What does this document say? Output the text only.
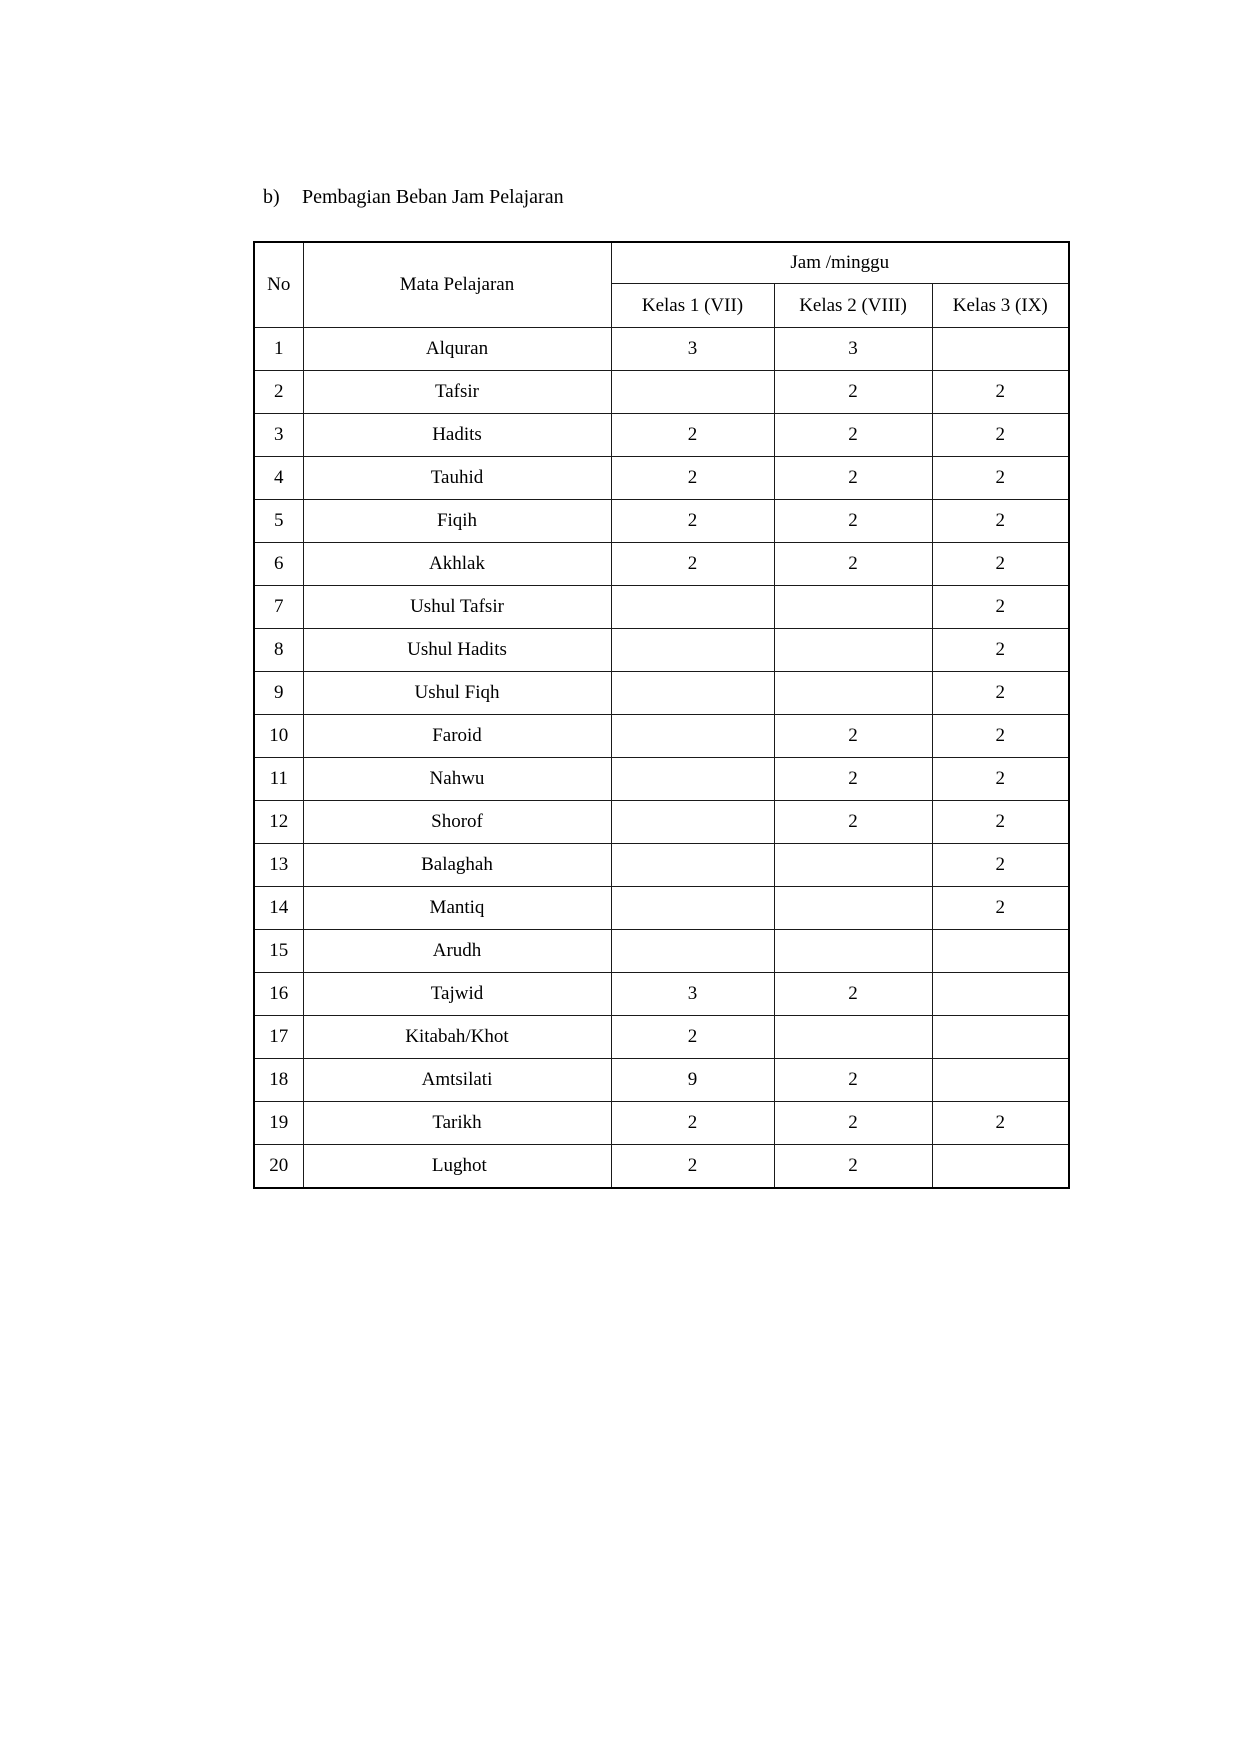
b) Pembagian Beban Jam Pelajaran
No	Mata Pelajaran	Jam /minggu		
		Kelas 1 (VII)	Kelas 2 (VIII)	Kelas 3 (IX)
1	Alquran	3	3	
2	Tafsir		2	2
3	Hadits	2	2	2
4	Tauhid	2	2	2
5	Fiqih	2	2	2
6	Akhlak	2	2	2
7	Ushul Tafsir			2
8	Ushul Hadits			2
9	Ushul Fiqh			2
10	Faroid		2	2
11	Nahwu		2	2
12	Shorof		2	2
13	Balaghah			2
14	Mantiq			2
15	Arudh			
16	Tajwid	3	2	
17	Kitabah/Khot	2		
18	Amtsilati	9	2	
19	Tarikh	2	2	2
20	Lughot	2	2	
